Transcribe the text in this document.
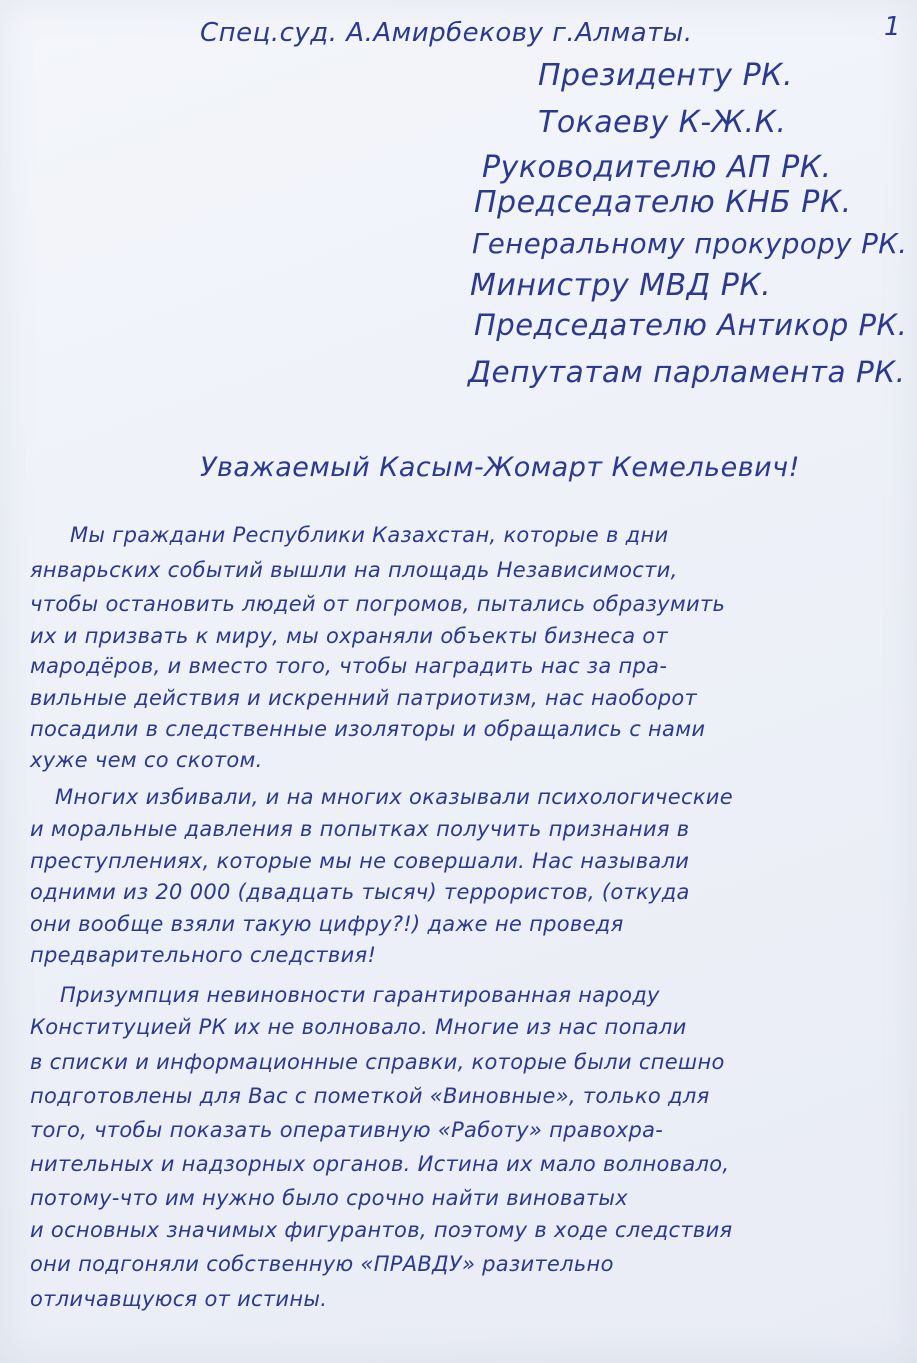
1
Спец.суд. А.Амирбекову г.Алматы.
Президенту РК.
Токаеву К-Ж.К.
Руководителю АП РК.
Председателю КНБ РК.
Генеральному прокурору РК.
Министру МВД РК.
Председателю Антикор РК.
Депутатам парламента РК.
Уважаемый Касым-Жомарт Кемельевич!
Мы граждани Республики Казахстан, которые в дни
январьских событий вышли на площадь Независимости,
чтобы остановить людей от погромов, пытались образумить
их и призвать к миру, мы охраняли объекты бизнеса от
мародёров, и вместо того, чтобы наградить нас за пра-
вильные действия и искренний патриотизм, нас наоборот
посадили в следственные изоляторы и обращались с нами
хуже чем со скотом.
Многих избивали, и на многих оказывали психологические
и моральные давления в попытках получить признания в
преступлениях, которые мы не совершали. Нас называли
одними из 20 000 (двадцать тысяч) террористов, (откуда
они вообще взяли такую цифру?!) даже не проведя
предварительного следствия!
Призумпция невиновности гарантированная народу
Конституцией РК их не волновало. Многие из нас попали
в списки и информационные справки, которые были спешно
подготовлены для Вас с пометкой «Виновные», только для
того, чтобы показать оперативную «Работу» правохра-
нительных и надзорных органов. Истина их мало волновало,
потому-что им нужно было срочно найти виноватых
и основных значимых фигурантов, поэтому в ходе следствия
они подгоняли собственную «ПРАВДУ» разительно
отличавщуюся от истины.
